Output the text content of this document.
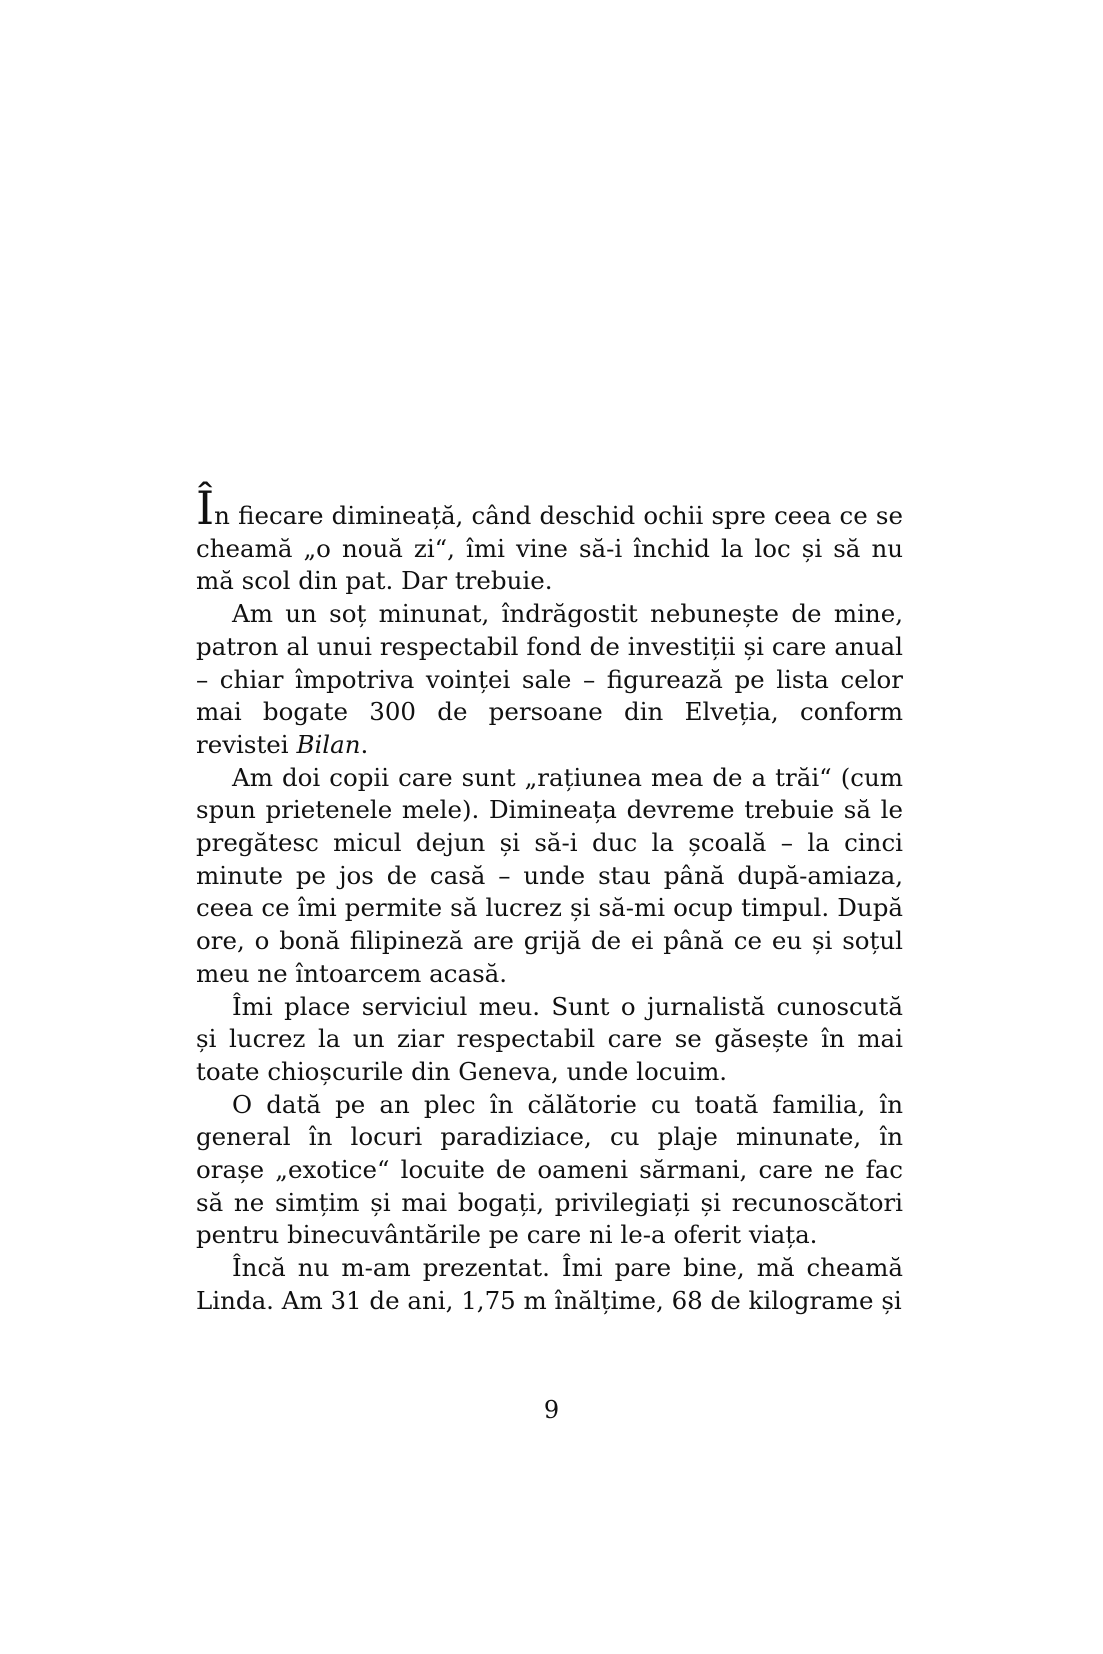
În fiecare dimineață, când deschid ochii spre ceea ce se cheamă „o nouă zi“, îmi vine să-i închid la loc și să nu mă scol din pat. Dar trebuie.

Am un soț minunat, îndrăgostit nebunește de mine, patron al unui respectabil fond de investiții și care anual – chiar împotriva voinței sale – figurează pe lista celor mai bogate 300 de persoane din Elveția, conform revistei Bilan.

Am doi copii care sunt „rațiunea mea de a trăi“ (cum spun prietenele mele). Dimineața devreme trebuie să le pregătesc micul dejun și să-i duc la școală – la cinci minute pe jos de casă – unde stau până după-amiaza, ceea ce îmi permite să lucrez și să-mi ocup timpul. După ore, o bonă filipineză are grijă de ei până ce eu și soțul meu ne întoarcem acasă.

Îmi place serviciul meu. Sunt o jurnalistă cunoscută și lucrez la un ziar respectabil care se găsește în mai toate chioșcurile din Geneva, unde locuim.

O dată pe an plec în călătorie cu toată familia, în general în locuri paradiziace, cu plaje minunate, în orașe „exotice“ locuite de oameni sărmani, care ne fac să ne simțim și mai bogați, privilegiați și recunoscători pentru binecuvântările pe care ni le-a oferit viața.

Încă nu m-am prezentat. Îmi pare bine, mă cheamă Linda. Am 31 de ani, 1,75 m înălțime, 68 de kilograme și

9
